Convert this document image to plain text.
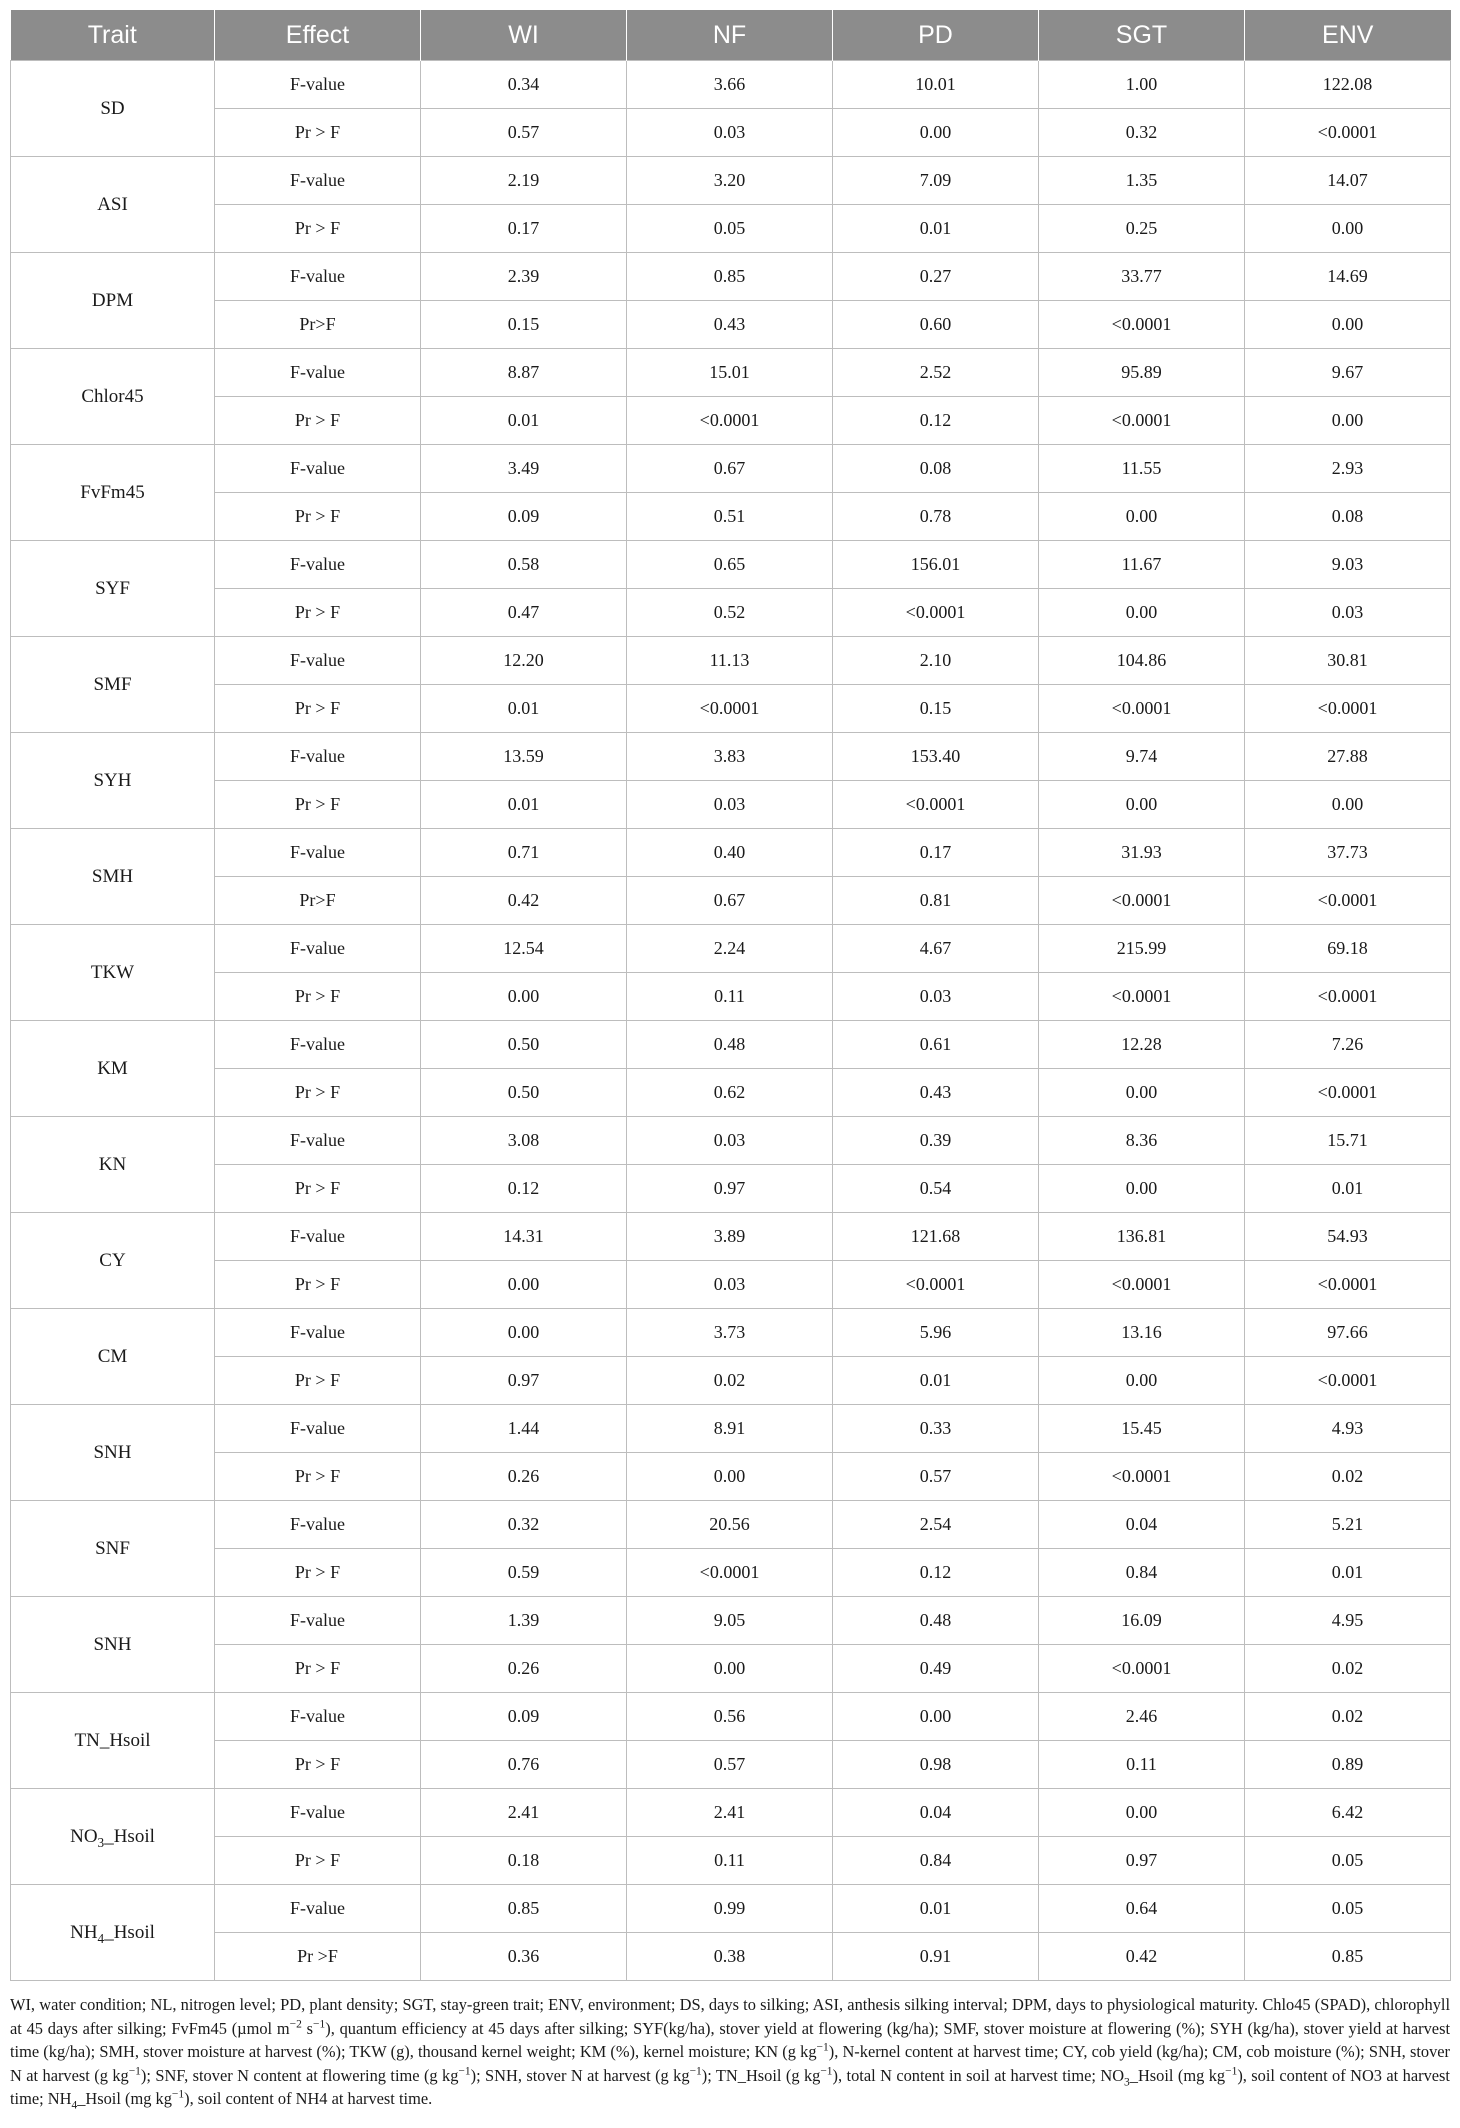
Trait	Effect	WI	NF	PD	SGT	ENV
SD	F-value	0.34	3.66	10.01	1.00	122.08
	Pr > F	0.57	0.03	0.00	0.32	<0.0001
ASI	F-value	2.19	3.20	7.09	1.35	14.07
	Pr > F	0.17	0.05	0.01	0.25	0.00
DPM	F-value	2.39	0.85	0.27	33.77	14.69
	Pr>F	0.15	0.43	0.60	<0.0001	0.00
Chlor45	F-value	8.87	15.01	2.52	95.89	9.67
	Pr > F	0.01	<0.0001	0.12	<0.0001	0.00
FvFm45	F-value	3.49	0.67	0.08	11.55	2.93
	Pr > F	0.09	0.51	0.78	0.00	0.08
SYF	F-value	0.58	0.65	156.01	11.67	9.03
	Pr > F	0.47	0.52	<0.0001	0.00	0.03
SMF	F-value	12.20	11.13	2.10	104.86	30.81
	Pr > F	0.01	<0.0001	0.15	<0.0001	<0.0001
SYH	F-value	13.59	3.83	153.40	9.74	27.88
	Pr > F	0.01	0.03	<0.0001	0.00	0.00
SMH	F-value	0.71	0.40	0.17	31.93	37.73
	Pr>F	0.42	0.67	0.81	<0.0001	<0.0001
TKW	F-value	12.54	2.24	4.67	215.99	69.18
	Pr > F	0.00	0.11	0.03	<0.0001	<0.0001
KM	F-value	0.50	0.48	0.61	12.28	7.26
	Pr > F	0.50	0.62	0.43	0.00	<0.0001
KN	F-value	3.08	0.03	0.39	8.36	15.71
	Pr > F	0.12	0.97	0.54	0.00	0.01
CY	F-value	14.31	3.89	121.68	136.81	54.93
	Pr > F	0.00	0.03	<0.0001	<0.0001	<0.0001
CM	F-value	0.00	3.73	5.96	13.16	97.66
	Pr > F	0.97	0.02	0.01	0.00	<0.0001
SNH	F-value	1.44	8.91	0.33	15.45	4.93
	Pr > F	0.26	0.00	0.57	<0.0001	0.02
SNF	F-value	0.32	20.56	2.54	0.04	5.21
	Pr > F	0.59	<0.0001	0.12	0.84	0.01
SNH	F-value	1.39	9.05	0.48	16.09	4.95
	Pr > F	0.26	0.00	0.49	<0.0001	0.02
TN_Hsoil	F-value	0.09	0.56	0.00	2.46	0.02
	Pr > F	0.76	0.57	0.98	0.11	0.89
$NO_3\_Hsoil$	F-value	2.41	2.41	0.04	0.00	6.42
	Pr > F	0.18	0.11	0.84	0.97	0.05
$NH_4\_Hsoil$	F-value	0.85	0.99	0.01	0.64	0.05
	Pr >F	0.36	0.38	0.91	0.42	0.85
WI, water condition; NL, nitrogen level; PD, plant density; SGT, stay-green trait; ENV, environment; DS, days to silking; ASI, anthesis silking interval; DPM, days to physiological maturity. Chlo45 (SPAD), chlorophyll at 45 days after silking; FvFm45 (µmol $m^{-2}$ $s^{-1}$), quantum efficiency at 45 days after silking; SYF(kg/ha), stover yield at flowering (kg/ha); SMF, stover moisture at flowering (%); SYH (kg/ha), stover yield at harvest time (kg/ha); SMH, stover moisture at harvest (%); TKW (g), thousand kernel weight; KM (%), kernel moisture; KN (g $kg^{-1}$), N-kernel content at harvest time; CY, cob yield (kg/ha); CM, cob moisture (%); SNH, stover N at harvest (g $kg^{-1}$); SNF, stover N content at flowering time (g $kg^{-1}$); SNH, stover N at harvest (g $kg^{-1}$); TN_Hsoil (g $kg^{-1}$), total N content in soil at harvest time; $NO_3\_Hsoil$ (mg $kg^{-1}$), soil content of NO3 at harvest time; $NH_4\_Hsoil$ (mg $kg^{-1}$), soil content of NH4 at harvest time.
